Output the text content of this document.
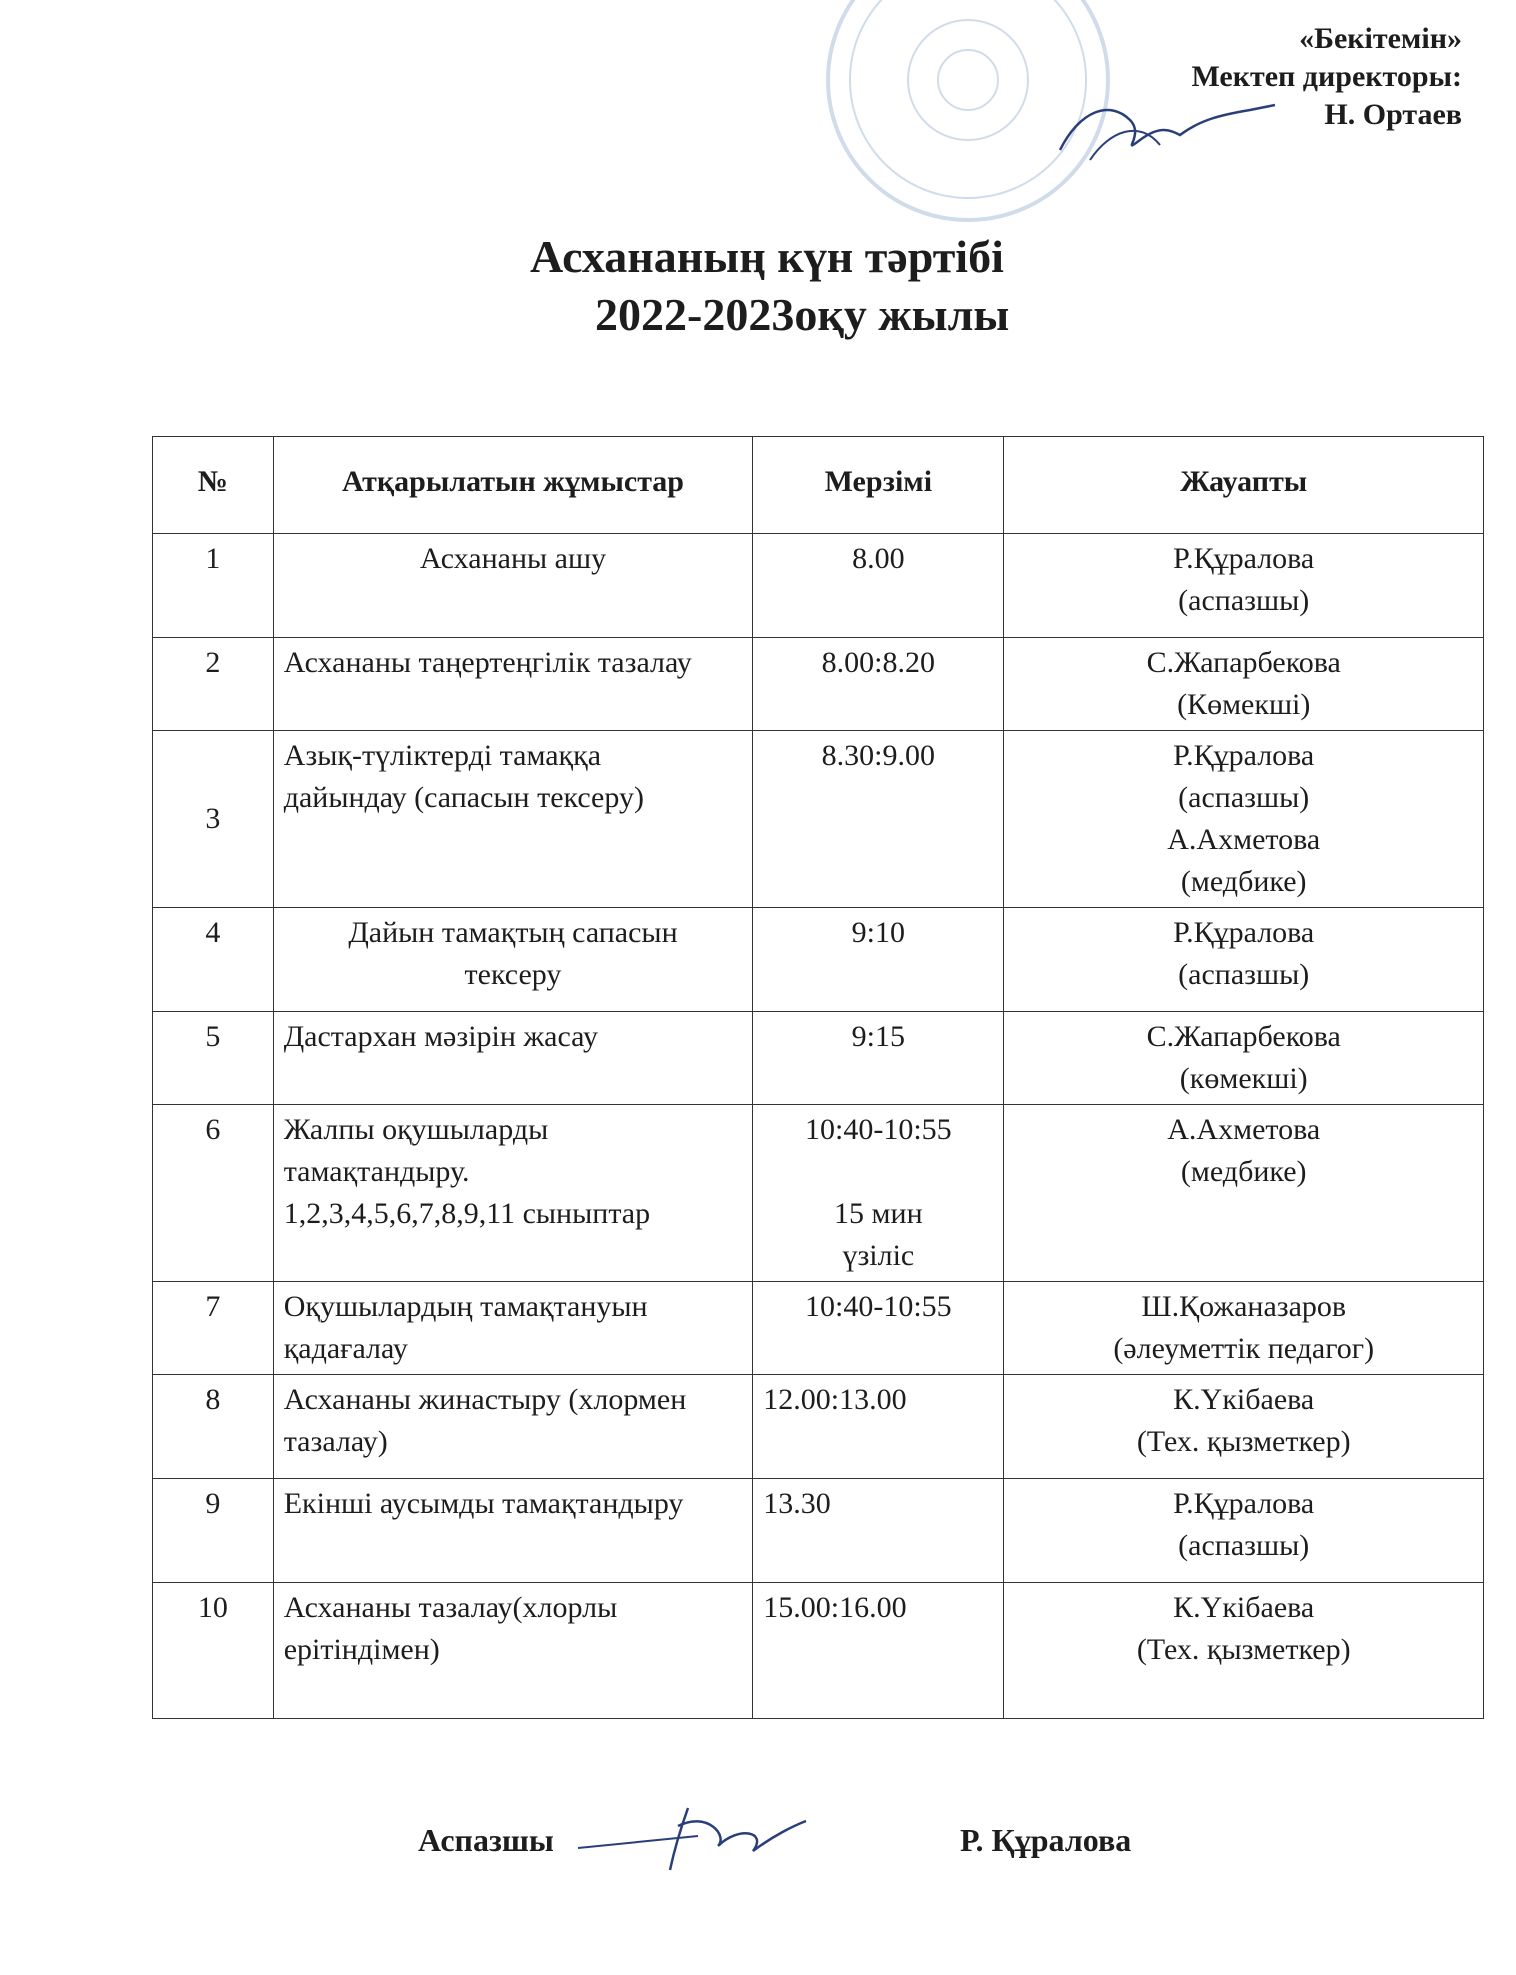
«Бекітемін»
Мектеп директоры:
Н. Ортаев
Асхананың күн тәртібі
2022-2023оқу жылы
№	Атқарылатын жұмыстар	Мерзімі	Жауапты
1	Асхананы ашу	8.00	Р.Құралова
(аспазшы)

2	Асхананы таңертеңгілік тазалау	8.00:8.20	С.Жапарбекова
(Көмекші)

3	Азық-түліктерді тамаққа
дайындау (сапасын тексеру)	8.30:9.00	Р.Құралова
(аспазшы)
А.Ахметова
(медбике)

4	Дайын тамақтың сапасын
тексеру	9:10	Р.Құралова
(аспазшы)

5	Дастархан мәзірін жасау	9:15	С.Жапарбекова
(көмекші)

6	Жалпы оқушыларды
тамақтандыру.
1,2,3,4,5,6,7,8,9,11 сыныптар	10:40-10:55

15 мин
үзіліс	А.Ахметова
(медбике)

7	Оқушылардың тамақтануын
қадағалау	10:40-10:55	Ш.Қожаназаров
(әлеуметтік педагог)

8	Асхананы жинастыру (хлормен
тазалау)	12.00:13.00	К.Үкібаева
(Тех. қызметкер)

9	Екінші аусымды тамақтандыру	13.30	Р.Құралова
(аспазшы)

10	Асхананы тазалау(хлорлы
ерітіндімен)	15.00:16.00	К.Үкібаева
(Тех. қызметкер)
Аспазшы	Р. Құралова
